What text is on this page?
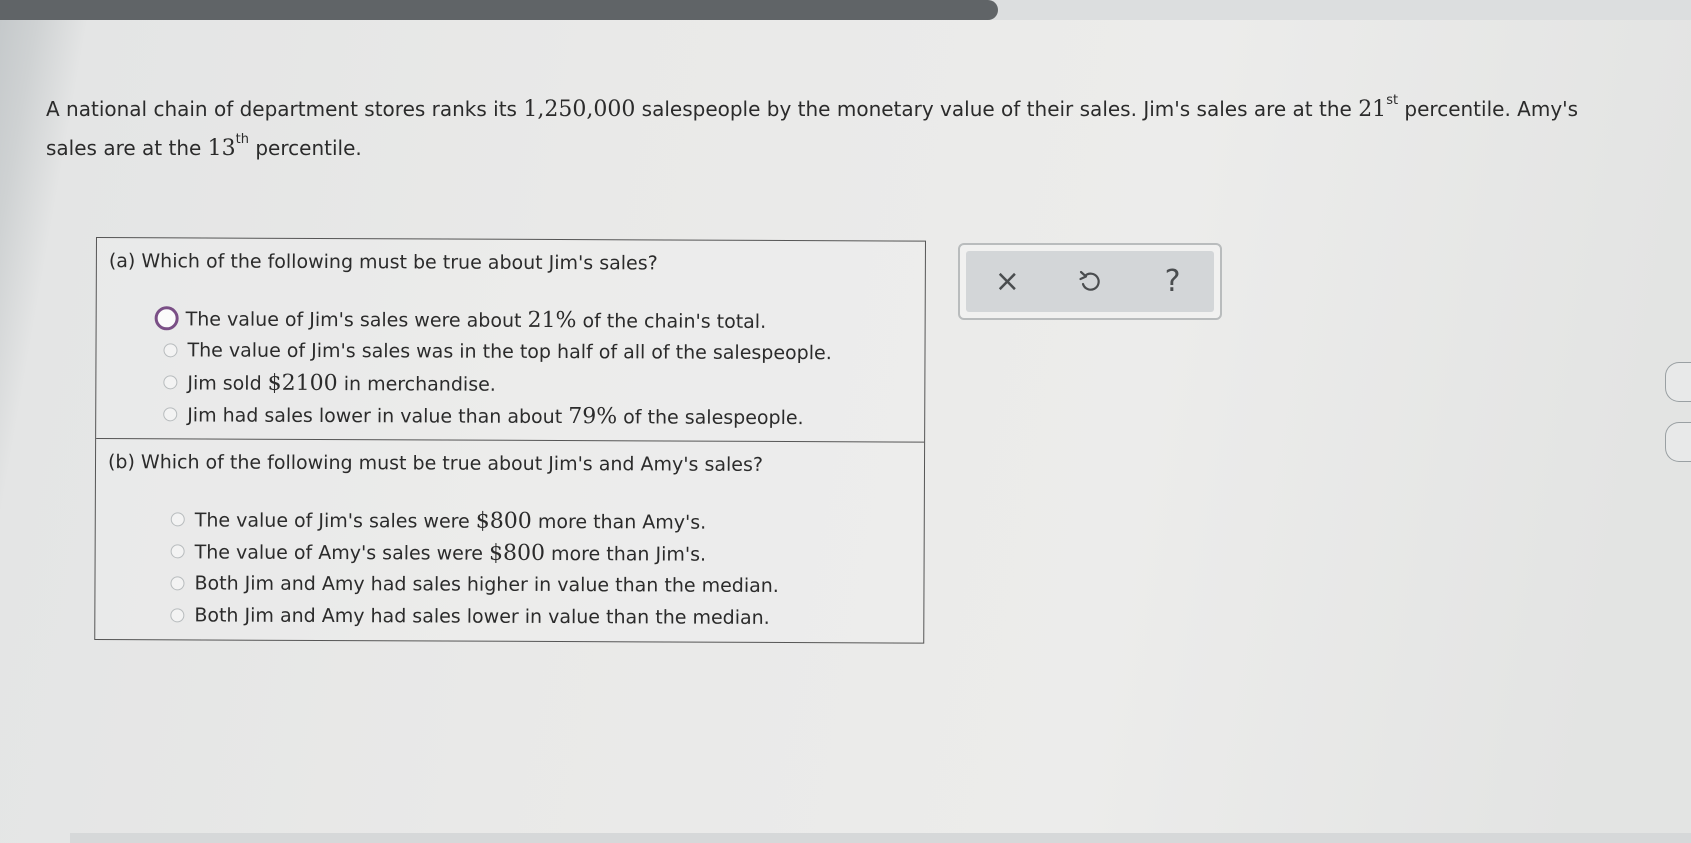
A national chain of department stores ranks its 1,250,000 salespeople by the monetary value of their sales. Jim's sales are at the 21st percentile. Amy's sales are at the 13th percentile.

(a) Which of the following must be true about Jim's sales?
The value of Jim's sales were about 21% of the chain's total.
The value of Jim's sales was in the top half of all of the salespeople.
Jim sold $2100 in merchandise.
Jim had sales lower in value than about 79% of the salespeople.
(b) Which of the following must be true about Jim's and Amy's sales?
The value of Jim's sales were $800 more than Amy's.
The value of Amy's sales were $800 more than Jim's.
Both Jim and Amy had sales higher in value than the median.
Both Jim and Amy had sales lower in value than the median.
×	?
